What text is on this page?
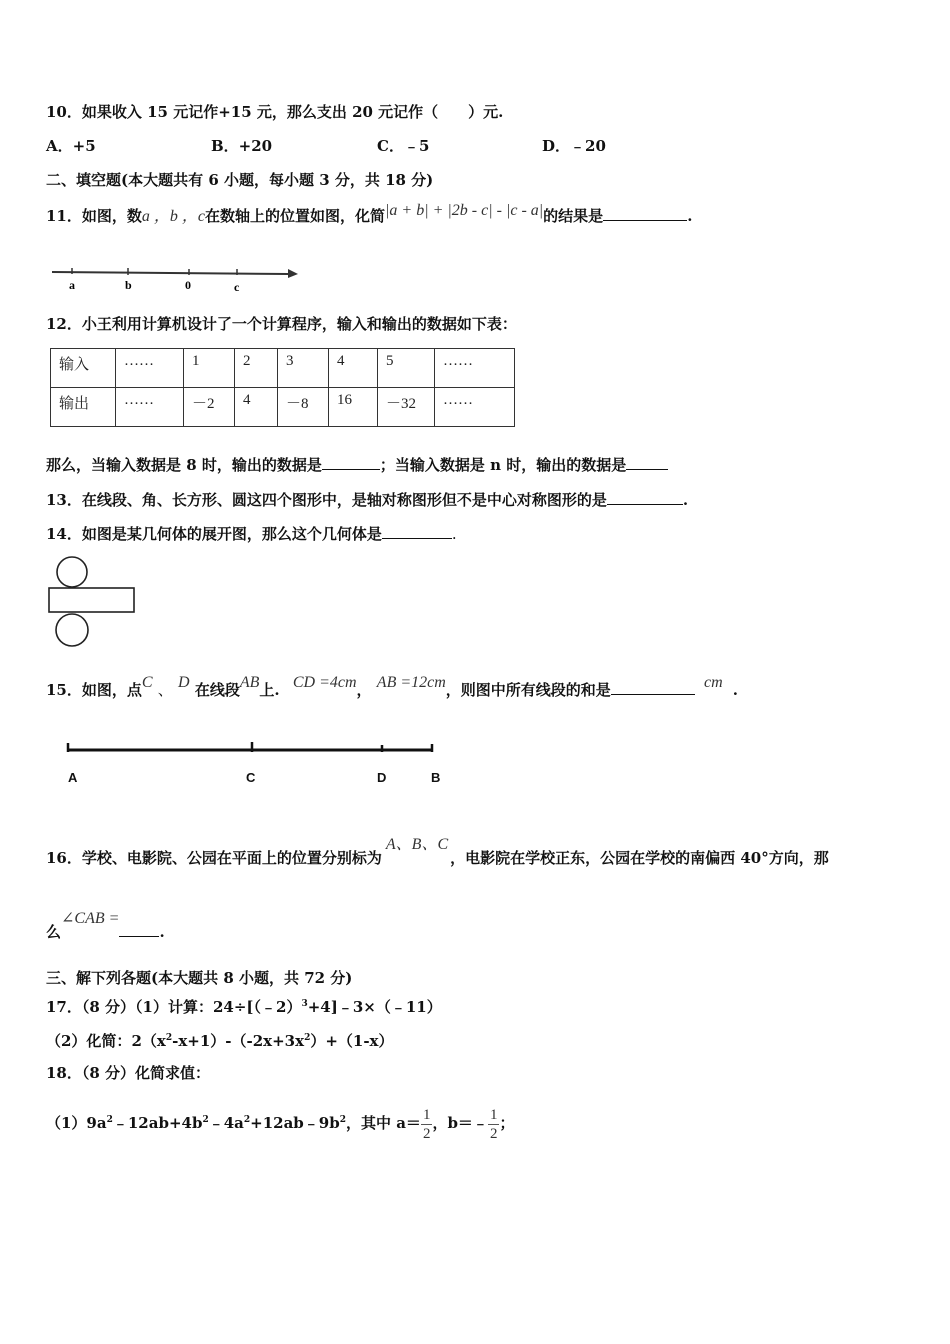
10．如果收入 15 元记作+15 元，那么支出 20 元记作（　　）元.
A．+5	B．+20	C．﹣5	D．﹣20
二、填空题(本大题共有 6 小题，每小题 3 分，共 18 分)
11．如图，数a ，b ，c在数轴上的位置如图，化简|a + b| + |2b - c| - |c - a|的结果是	.
a	b	0	c
12．小王利用计算机设计了一个计算程序，输入和输出的数据如下表：
输入	……	1	2	3	4	5	……
输出	……	－2	4	－8	16	－32	……
那么，当输入数据是 8 时，输出的数据是	；当输入数据是 n 时，输出的数据是
13．在线段、角、长方形、圆这四个图形中，是轴对称图形但不是中心对称图形的是	.
14．如图是某几何体的展开图，那么这个几何体是	.
15．如图，点C 、 D 在线段AB上. CD =4cm， AB =12cm，则图中所有线段的和是	cm .
A	C	D	B
16．学校、电影院、公园在平面上的位置分别标为A、B、C，电影院在学校正东，公园在学校的南偏西 40°方向，那
么∠CAB =.
三、解下列各题(本大题共 8 小题，共 72 分)
17．（8 分）（1）计算：24÷[（﹣2）$^3$+4]﹣3×（﹣11）
（2）化简：$2(x^2-x+1)-(-2x+3x^2)+(1-x)$
18．（8 分）化简求值：
$(1)9a^2﹣12ab+4b^2﹣4a^2+12ab﹣9b^2$，其中 $a= \frac{1}{2}$ ，b＝﹣ $\frac{1}{2}$ ；
